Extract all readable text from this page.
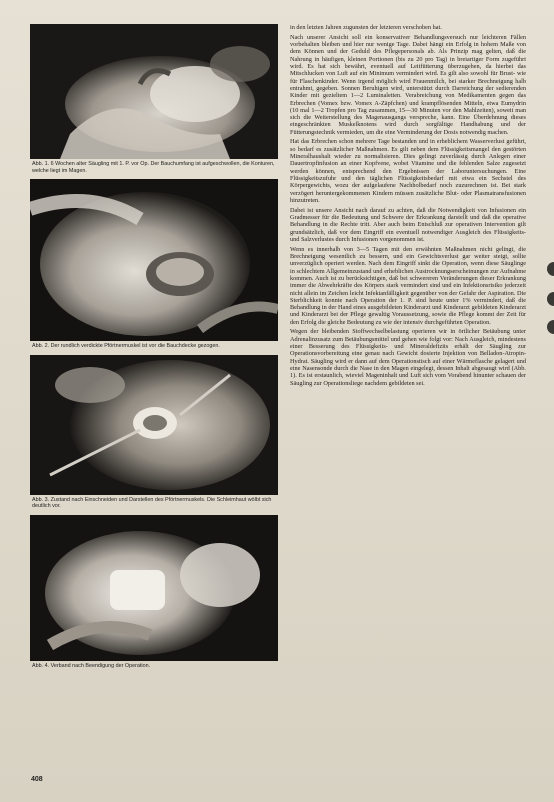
Abb. 1. 6 Wochen alter Säugling mit 1. P. vor Op. Der Bauchumfang ist aufgeschwollen, die Konturen, welche liegt im Magen.
Abb. 2. Der rundlich verdickte Pförtnermuskel ist vor die Bauchdecke gezogen.
Abb. 3. Zustand nach Einschneiden und Darstellen des Pförtnermuskels. Die Schleimhaut wölbt sich deutlich vor.
Abb. 4. Verband nach Beendigung der Operation.

in den letzten Jahren zugunsten der letzteren verschoben hat.

Nach unserer Ansicht soll ein konservativer Behandlungsversuch nur leichteren Fällen vorbehalten bleiben und hier nur wenige Tage. Dabei hängt ein Erfolg in hohem Maße von dem Können und der Geduld des Pflegepersonals ab. Als Prinzip mag gelten, daß die Nahrung in häufigen, kleinen Portionen (bis zu 20 pro Tag) in breiartiger Form zugeführt wird. Es hat sich bewährt, eventuell auf Leitfütterung überzugehen, da hierbei das Mitschlucken von Luft auf ein Minimum vermindert wird. Es gilt also sowohl für Brust- wie für Flaschenkinder. Wenn irgend möglich wird Frauenmilch, bei starker Brechneigung halb entrahmt, gegeben. Sonnen Beruhigen wird, unterstützt durch Darreichung der sedierenden Kinder mit gezieltem 1—2 Luminaletten. Verabreichung von Medikamenten gegen das Erbrechen (Vomex bzw. Vomex A-Zäpfchen) und krampflösenden Mitteln, etwa Eumydrin (10 mal 1—2 Tropfen pro Tag zusammen, 15—30 Minuten vor den Mahlzeiten), soweit man sich die Weiterstellung des Magenausgangs verspreche, kann. Eine Überdehnung dieses eingeschränkten Muskelknotens wird durch sorgfältige Handhabung und der Fütterungstechnik vermieden, um die eine Verminderung der Dosis notwendig machen.

Hat das Erbrechen schon mehrere Tage bestanden und in erheblichem Wasserverlust geführt, so bedarf es zusätzlicher Maßnahmen. Es gilt neben dem Flüssigkeitsmangel den gestörten Mineralhaushalt wieder zu normalisieren. Dies gelingt zuverlässig durch Anlegen einer Dauertropfinfusion an einer Kopfvene, wobei Vitamine und die fehlenden Salze zugesetzt werden können, entsprechend den Ergebnissen der Laboruntersuchungen. Eine Flüssigkeitszufuhr und den täglichen Flüssigkeitsbedarf mit etwa ein Sechstel des Körpergewichts, wozu der aufgelaufene Nachholbedarf noch zuzurechnen ist. Bei stark verzögert heruntergekommenen Kindern müssen zusätzliche Blut- oder Plasmatransfusionen hinzutreten.

Dabei ist unsere Ansicht nach darauf zu achten, daß die Notwendigkeit von Infusionen ein Gradmesser für die Bedeutung und Schwere der Erkrankung darstellt und daß die operative Behandlung in die Rechte tritt. Aber auch beim Entschluß zur operativen Intervention gilt grundsätzlich, daß vor dem Eingriff ein eventuell notwendiger Ausgleich des Flüssigkeits- und Salzverlustes durch Infusionen vorgenommen ist.

Wenn es innerhalb von 3—5 Tagen mit den erwähnten Maßnahmen nicht gelingt, die Brechneigung wesentlich zu bessern, und ein Gewichtsverlust gar weiter steigt, sollte unverzüglich operiert werden. Nach dem Eingriff sinkt die Operation, wenn diese Säuglinge in schlechtem Allgemeinzustand und erheblichen Austrocknungserscheinungen zur Aufnahme kommen. Auch ist zu berücksichtigen, daß bei schwereren Veränderungen dieser Erkrankung immer die Abwehrkräfte des Körpers stark vermindert sind und ein Infektionsrisiko jederzeit nicht allein im Zeichen leicht Infektanfälligkeit gegenüber von der Gefahr der Aspiration. Die Sterblichkeit konnte nach Operation der 1. P. sind heute unter 1% vermindert, daß die Behandlung in der Hand eines ausgebildeten Kinderarzt und Kinderarzt gebildeten Kinderarzt und Kinderarzt bei der Pflege gewaltig Voraussetzung, sowie die Pflege kommt der Zeit für den Erfolg die gleiche Bedeutung zu wie der intensiv durchgeführten Operation.

Wegen der bleibenden Stoffwechselbelastung operieren wir in örtlicher Betäubung unter Adrenalinzusatz zum Betäubungsmittel und gehen wie folgt vor: Nach Ausgleich, mindestens einer Besserung des Flüssigkeits- und Mineraldefizits erhält der Säugling zur Operationsvorbereitung eine genau nach Gewicht dosierte Injektion von Belladon-Atropin-Hydrat. Säugling wird er dann auf dem Operationstisch auf einer Wärmeflasche gelagert und eine Nasensonde durch die Nase in den Magen eingelegt, dessen Inhalt abgesaugt wird (Abb. 1). Es ist erstaunlich, wieviel Mageninhalt und Luft sich vom Vorabend hinunter schauen der Säugling zur Operationsliege nachdem gebildeten sei.

408
